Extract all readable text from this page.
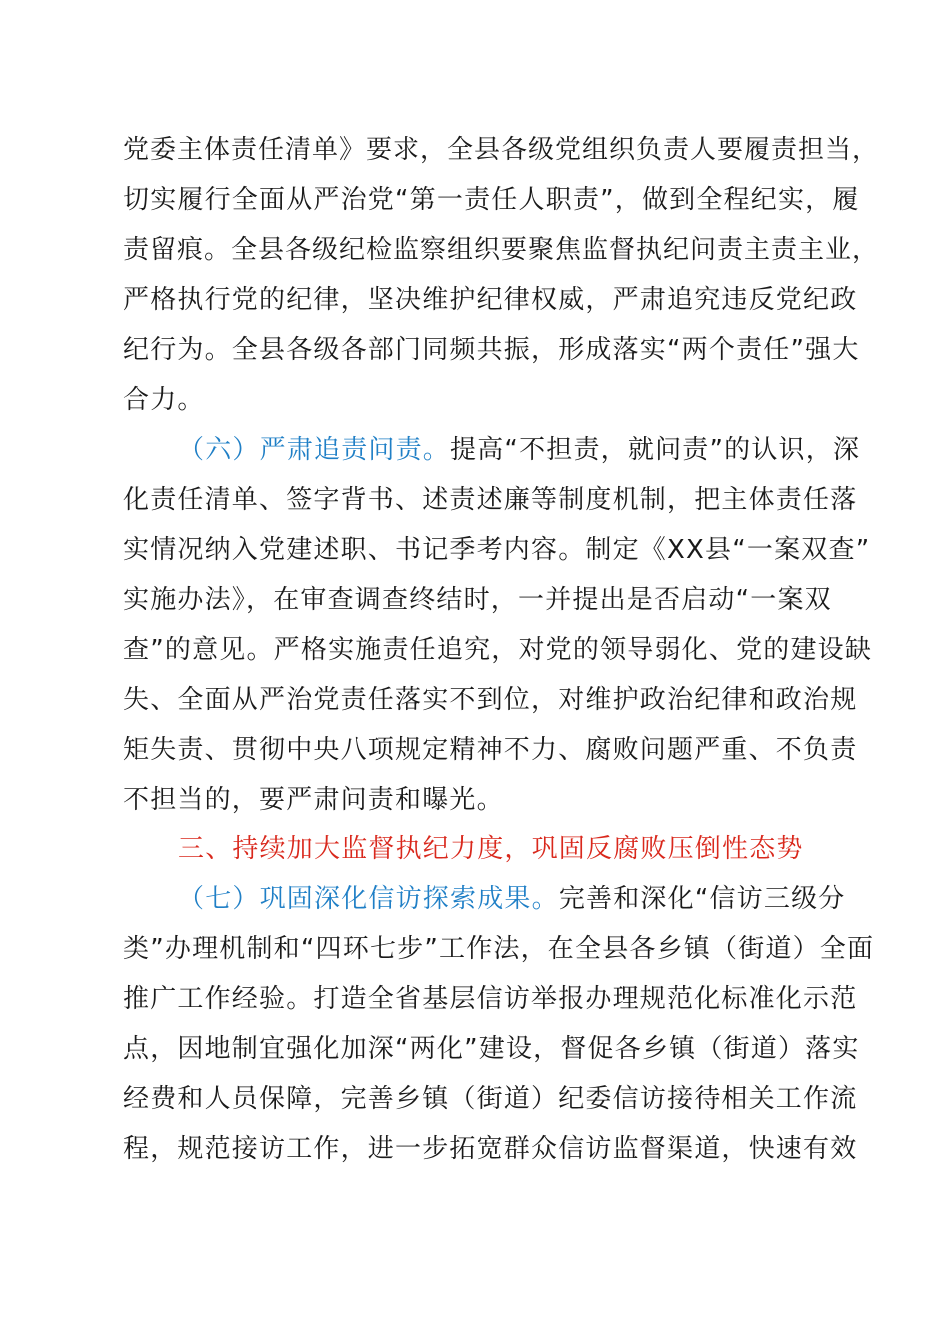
党委主体责任清单》要求，全县各级党组织负责人要履责担当，
切实履行全面从严治党“第一责任人职责”，做到全程纪实，履
责留痕。全县各级纪检监察组织要聚焦监督执纪问责主责主业，
严格执行党的纪律，坚决维护纪律权威，严肃追究违反党纪政
纪行为。全县各级各部门同频共振，形成落实“两个责任”强大
合力。
（六）严肃追责问责。提高“不担责，就问责”的认识，深
化责任清单、签字背书、述责述廉等制度机制，把主体责任落
实情况纳入党建述职、书记季考内容。制定《XX县“一案双查”
实施办法》，在审查调查终结时，一并提出是否启动“一案双
查”的意见。严格实施责任追究，对党的领导弱化、党的建设缺
失、全面从严治党责任落实不到位，对维护政治纪律和政治规
矩失责、贯彻中央八项规定精神不力、腐败问题严重、不负责
不担当的，要严肃问责和曝光。
三、持续加大监督执纪力度，巩固反腐败压倒性态势
（七）巩固深化信访探索成果。完善和深化“信访三级分
类”办理机制和“四环七步”工作法，在全县各乡镇（街道）全面
推广工作经验。打造全省基层信访举报办理规范化标准化示范
点，因地制宜强化加深“两化”建设，督促各乡镇（街道）落实
经费和人员保障，完善乡镇（街道）纪委信访接待相关工作流
程，规范接访工作，进一步拓宽群众信访监督渠道，快速有效
